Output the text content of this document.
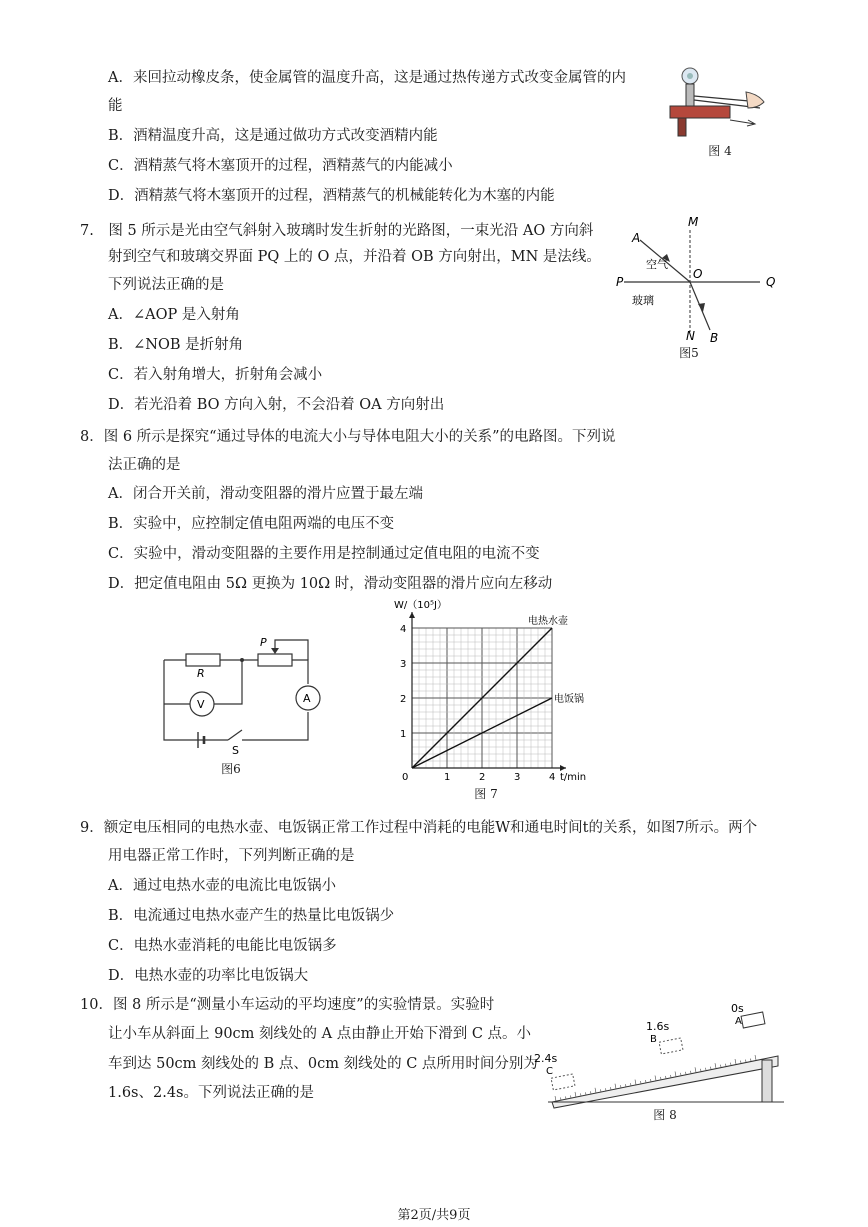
A．来回拉动橡皮条，使金属管的温度升高，这是通过热传递方式改变金属管的内
能
B．酒精温度升高，这是通过做功方式改变酒精内能
C．酒精蒸气将木塞顶开的过程，酒精蒸气的内能减小
D．酒精蒸气将木塞顶开的过程，酒精蒸气的机械能转化为木塞的内能
图 4
7.　图 5 所示是光由空气斜射入玻璃时发生折射的光路图，一束光沿 AO 方向斜
射到空气和玻璃交界面 PQ 上的 O 点，并沿着 OB 方向射出，MN 是法线。
下列说法正确的是
A．∠AOP 是入射角
B．∠NOB 是折射角
C．若入射角增大，折射角会减小
D．若光沿着 BO 方向入射，不会沿着 OA 方向射出
M
N
P	Q
O
A
B
空气
玻璃
图5
8．图 6 所示是探究“通过导体的电流大小与导体电阻大小的关系”的电路图。下列说
法正确的是
A．闭合开关前，滑动变阻器的滑片应置于最左端
B．实验中，应控制定值电阻两端的电压不变
C．实验中，滑动变阻器的主要作用是控制通过定值电阻的电流不变
D．把定值电阻由 5Ω 更换为 10Ω 时，滑动变阻器的滑片应向左移动
R
P
V	A
S
图6
0	1	2	3	4
1
2
3
4
W/（10⁵J）
t/min
电热水壶
电饭锅
图 7
9．额定电压相同的电热水壶、电饭锅正常工作过程中消耗的电能W和通电时间t的关系，如图7所示。两个
用电器正常工作时，下列判断正确的是
A．通过电热水壶的电流比电饭锅小
B．电流通过电热水壶产生的热量比电饭锅少
C．电热水壶消耗的电能比电饭锅多
D．电热水壶的功率比电饭锅大
10．图 8 所示是“测量小车运动的平均速度”的实验情景。实验时
让小车从斜面上 90cm 刻线处的 A 点由静止开始下滑到 C 点。小
车到达 50cm 刻线处的 B 点、0cm 刻线处的 C 点所用时间分别为
1.6s、2.4s。下列说法正确的是
0s
A
1.6s
B
2.4s
C
图 8
第2页/共9页
